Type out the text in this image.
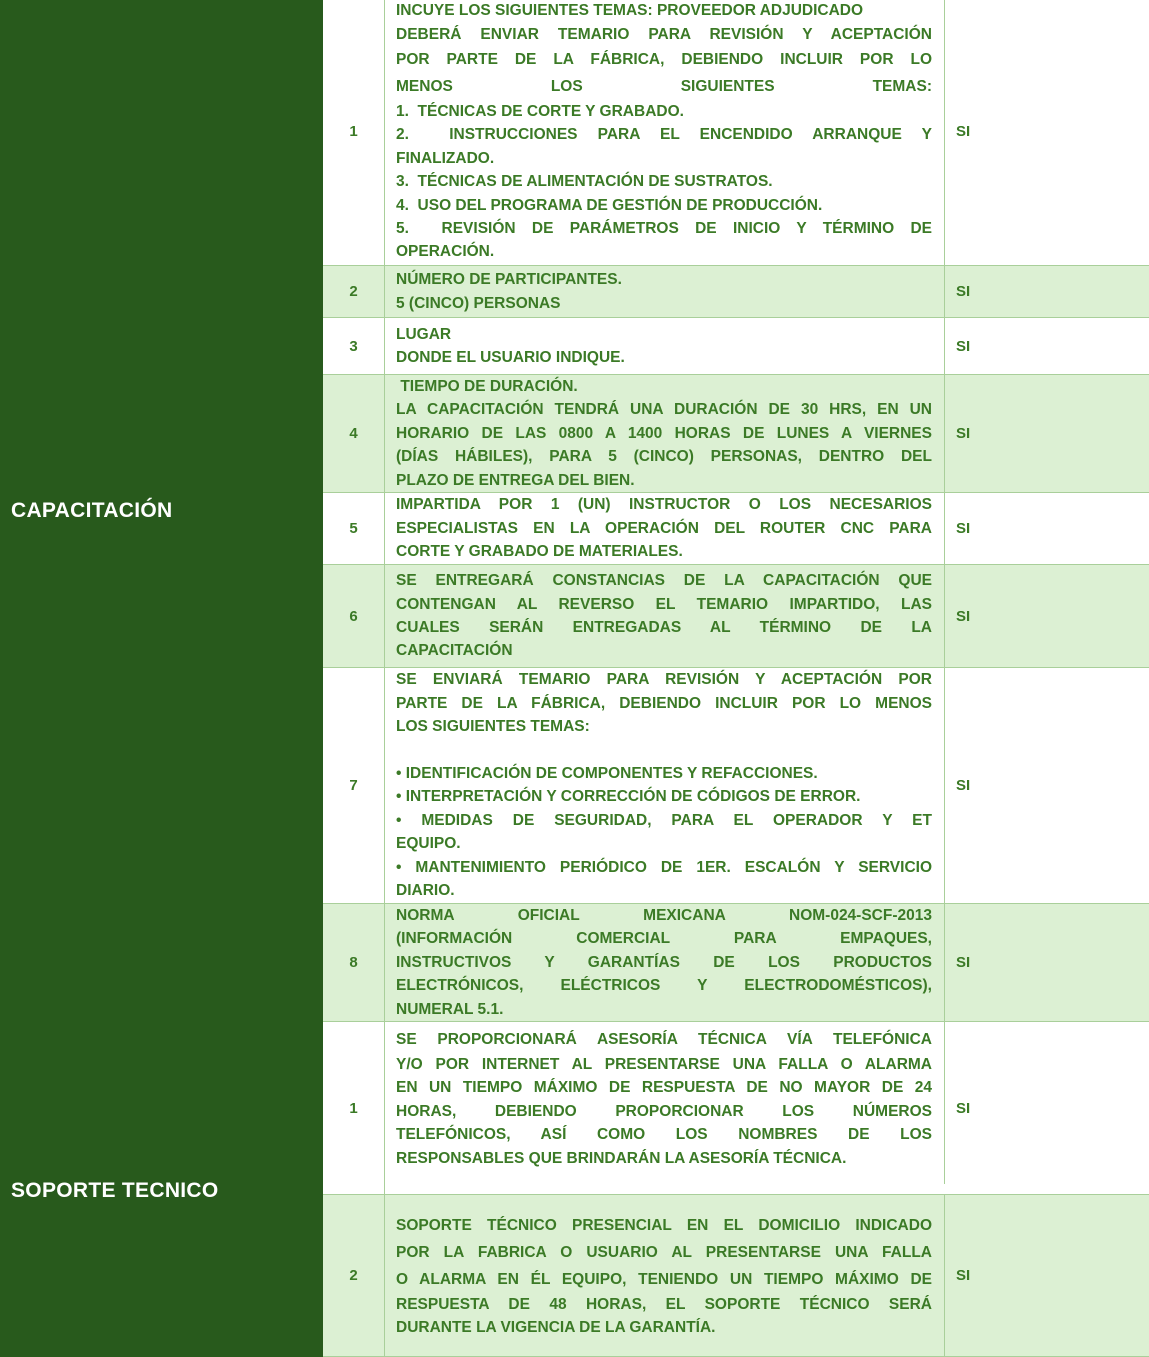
CAPACITACIÓN
SOPORTE TECNICO
1
INCUYE LOS SIGUIENTES TEMAS: PROVEEDOR ADJUDICADO
DEBERÁ ENVIAR TEMARIO PARA REVISIÓN Y ACEPTACIÓN
POR PARTE DE LA FÁBRICA, DEBIENDO INCLUIR POR LO
MENOS LOS SIGUIENTES TEMAS:
1.  TÉCNICAS DE CORTE Y GRABADO.
2.  INSTRUCCIONES PARA EL ENCENDIDO ARRANQUE Y
FINALIZADO.
3.  TÉCNICAS DE ALIMENTACIÓN DE SUSTRATOS.
4.  USO DEL PROGRAMA DE GESTIÓN DE PRODUCCIÓN.
5.  REVISIÓN DE PARÁMETROS DE INICIO Y TÉRMINO DE
OPERACIÓN.
SI
2
NÚMERO DE PARTICIPANTES.
5 (CINCO) PERSONAS
SI
3
LUGAR
DONDE EL USUARIO INDIQUE.
SI
4
TIEMPO DE DURACIÓN.
LA CAPACITACIÓN TENDRÁ UNA DURACIÓN DE 30 HRS, EN UN
HORARIO DE LAS 0800 A 1400 HORAS DE LUNES A VIERNES
(DÍAS HÁBILES), PARA 5 (CINCO) PERSONAS, DENTRO DEL
PLAZO DE ENTREGA DEL BIEN.
SI
5
IMPARTIDA POR 1 (UN) INSTRUCTOR O LOS NECESARIOS
ESPECIALISTAS EN LA OPERACIÓN DEL ROUTER CNC PARA
CORTE Y GRABADO DE MATERIALES.
SI
6
SE ENTREGARÁ CONSTANCIAS DE LA CAPACITACIÓN QUE
CONTENGAN AL REVERSO EL TEMARIO IMPARTIDO, LAS
CUALES SERÁN ENTREGADAS AL TÉRMINO DE LA
CAPACITACIÓN
SI
7
SE ENVIARÁ TEMARIO PARA REVISIÓN Y ACEPTACIÓN POR
PARTE DE LA FÁBRICA, DEBIENDO INCLUIR POR LO MENOS
LOS SIGUIENTES TEMAS:
• IDENTIFICACIÓN DE COMPONENTES Y REFACCIONES.
• INTERPRETACIÓN Y CORRECCIÓN DE CÓDIGOS DE ERROR.
• MEDIDAS DE SEGURIDAD, PARA EL OPERADOR Y ET
EQUIPO.
• MANTENIMIENTO PERIÓDICO DE 1ER. ESCALÓN Y SERVICIO
DIARIO.
SI
8
NORMA OFICIAL MEXICANA NOM-024-SCF-2013
(INFORMACIÓN COMERCIAL PARA EMPAQUES,
INSTRUCTIVOS Y GARANTÍAS DE LOS PRODUCTOS
ELECTRÓNICOS, ELÉCTRICOS Y ELECTRODOMÉSTICOS),
NUMERAL 5.1.
SI
1
SE PROPORCIONARÁ ASESORÍA TÉCNICA VÍA TELEFÓNICA
Y/O POR INTERNET AL PRESENTARSE UNA FALLA O ALARMA
EN UN TIEMPO MÁXIMO DE RESPUESTA DE NO MAYOR DE 24
HORAS, DEBIENDO PROPORCIONAR LOS NÚMEROS
TELEFÓNICOS, ASÍ COMO LOS NOMBRES DE LOS
RESPONSABLES QUE BRINDARÁN LA ASESORÍA TÉCNICA.
SI
2
SOPORTE TÉCNICO PRESENCIAL EN EL DOMICILIO INDICADO
POR LA FABRICA O USUARIO AL PRESENTARSE UNA FALLA
O ALARMA EN ÉL EQUIPO, TENIENDO UN TIEMPO MÁXIMO DE
RESPUESTA DE 48 HORAS, EL SOPORTE TÉCNICO SERÁ
DURANTE LA VIGENCIA DE LA GARANTÍA.
SI
